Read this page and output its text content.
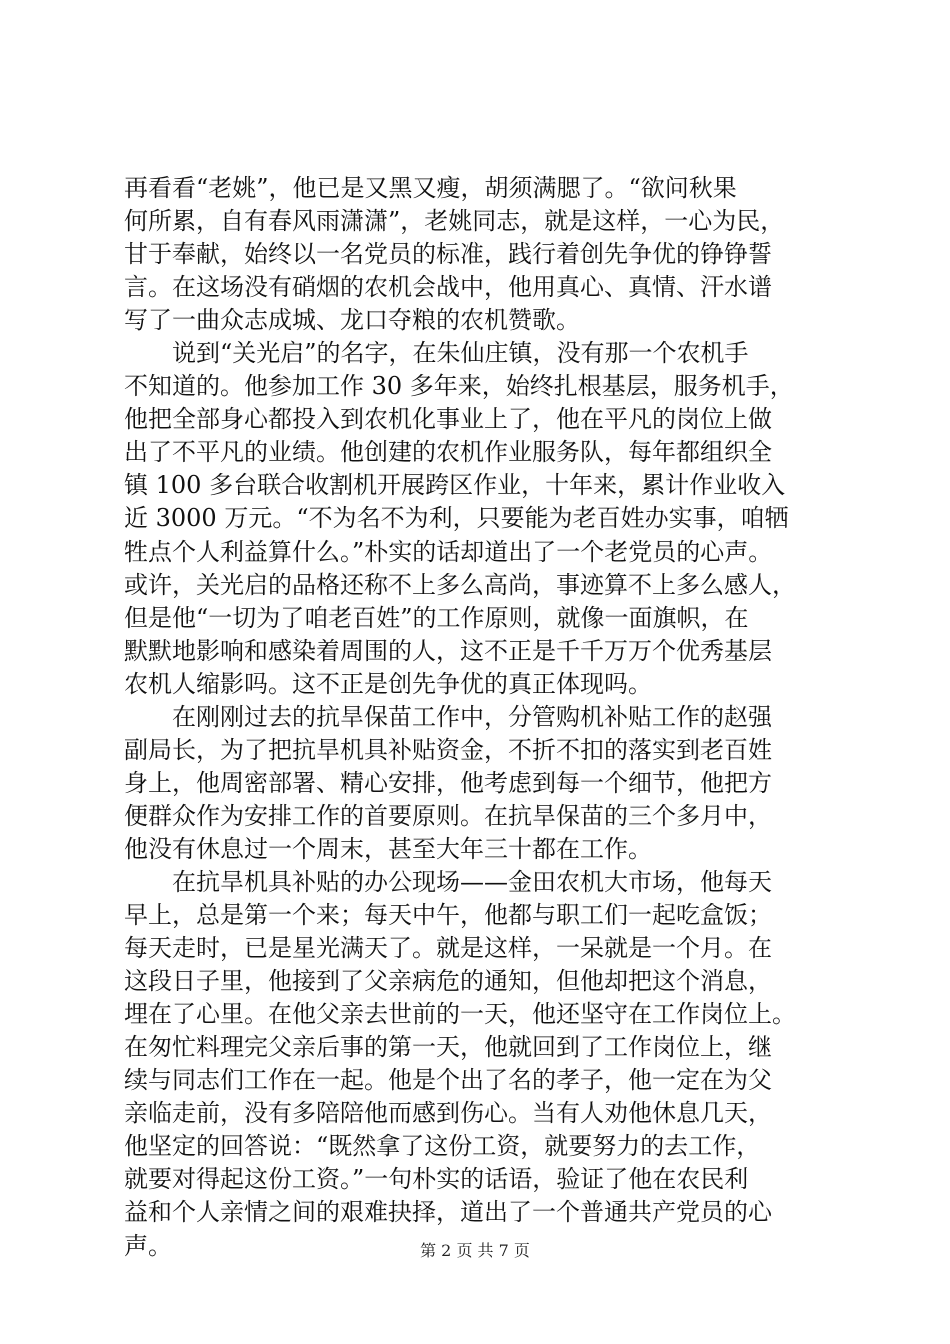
再看看“老姚”，他已是又黑又瘦，胡须满腮了。“欲问秋果
何所累，自有春风雨潇潇”，老姚同志，就是这样，一心为民，
甘于奉献，始终以一名党员的标准，践行着创先争优的铮铮誓
言。在这场没有硝烟的农机会战中，他用真心、真情、汗水谱
写了一曲众志成城、龙口夺粮的农机赞歌。
　　说到“关光启”的名字，在朱仙庄镇，没有那一个农机手
不知道的。他参加工作 30 多年来，始终扎根基层，服务机手，
他把全部身心都投入到农机化事业上了，他在平凡的岗位上做
出了不平凡的业绩。他创建的农机作业服务队，每年都组织全
镇 100 多台联合收割机开展跨区作业，十年来，累计作业收入
近 3000 万元。“不为名不为利，只要能为老百姓办实事，咱牺
牲点个人利益算什么。”朴实的话却道出了一个老党员的心声。
或许，关光启的品格还称不上多么高尚，事迹算不上多么感人，
但是他“一切为了咱老百姓”的工作原则，就像一面旗帜，在
默默地影响和感染着周围的人，这不正是千千万万个优秀基层
农机人缩影吗。这不正是创先争优的真正体现吗。
　　在刚刚过去的抗旱保苗工作中，分管购机补贴工作的赵强
副局长，为了把抗旱机具补贴资金，不折不扣的落实到老百姓
身上，他周密部署、精心安排，他考虑到每一个细节，他把方
便群众作为安排工作的首要原则。在抗旱保苗的三个多月中，
他没有休息过一个周末，甚至大年三十都在工作。
　　在抗旱机具补贴的办公现场——金田农机大市场，他每天
早上，总是第一个来；每天中午，他都与职工们一起吃盒饭；
每天走时，已是星光满天了。就是这样，一呆就是一个月。在
这段日子里，他接到了父亲病危的通知，但他却把这个消息，
埋在了心里。在他父亲去世前的一天，他还坚守在工作岗位上。
在匆忙料理完父亲后事的第一天，他就回到了工作岗位上，继
续与同志们工作在一起。他是个出了名的孝子，他一定在为父
亲临走前，没有多陪陪他而感到伤心。当有人劝他休息几天，
他坚定的回答说：“既然拿了这份工资，就要努力的去工作，
就要对得起这份工资。”一句朴实的话语，验证了他在农民利
益和个人亲情之间的艰难抉择，道出了一个普通共产党员的心
声。	第 2 页 共 7 页
